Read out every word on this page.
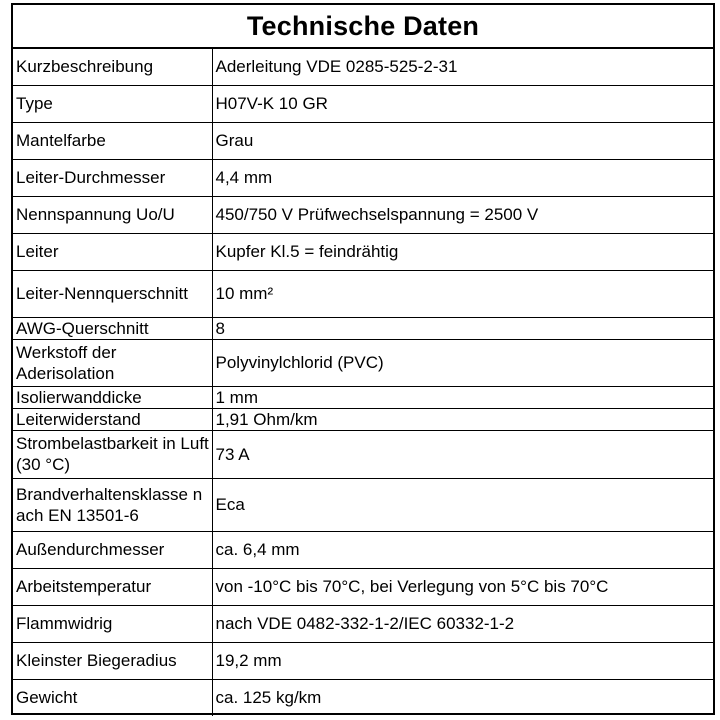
Technische Daten
Kurzbeschreibung	Aderleitung VDE 0285-525-2-31
Type	H07V-K 10 GR
Mantelfarbe	Grau
Leiter-Durchmesser	4,4 mm
Nennspannung Uo/U	450/750 V Prüfwechselspannung = 2500 V
Leiter	Kupfer Kl.5 = feindrähtig
Leiter-Nennquerschnitt	10 mm²
AWG-Querschnitt	8
Werkstoff der Aderisolation	Polyvinylchlorid (PVC)
Isolierwanddicke	1 mm
Leiterwiderstand	1,91 Ohm/km
Strombelastbarkeit in Luft (30 °C)	73 A
Brandverhaltensklasse nach EN 13501-6	Eca
Außendurchmesser	ca. 6,4 mm
Arbeitstemperatur	von -10°C bis 70°C, bei Verlegung von 5°C bis 70°C
Flammwidrig	nach VDE 0482-332-1-2/IEC 60332-1-2
Kleinster Biegeradius	19,2 mm
Gewicht	ca. 125 kg/km
